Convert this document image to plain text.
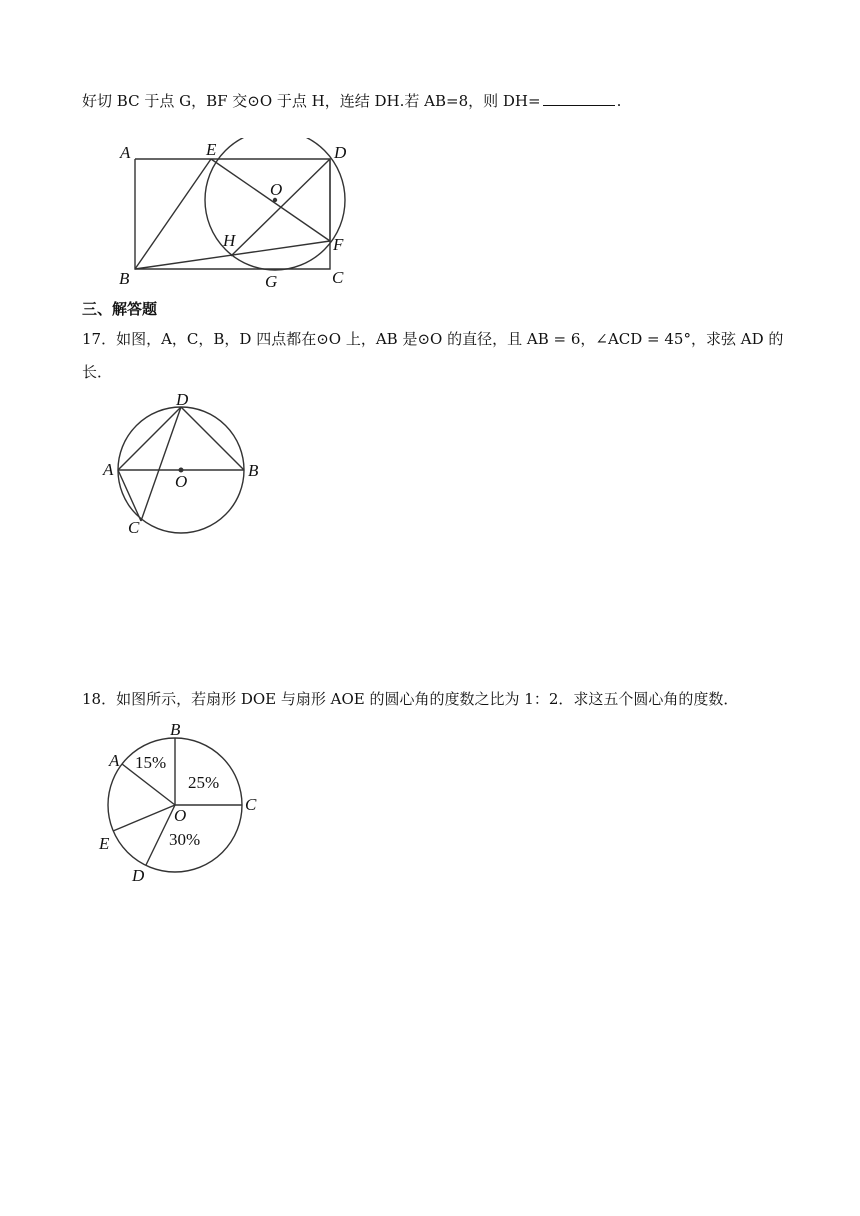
好切 BC 于点 G，BF 交⊙O 于点 H，连结 DH.若 AB=8，则 DH=	.
A	E	D
O
H	F
B	G	C
三、解答题
17．如图，A，C，B，D 四点都在⊙O 上，AB 是⊙O 的直径，且 AB = 6，∠ACD = 45°，求弦 AD 的
长．
D
A
O
B
C
18．如图所示，若扇形 DOE 与扇形 AOE 的圆心角的度数之比为 1：2．求这五个圆心角的度数．
B
A
C
O
E
D
15%
25%
30%
